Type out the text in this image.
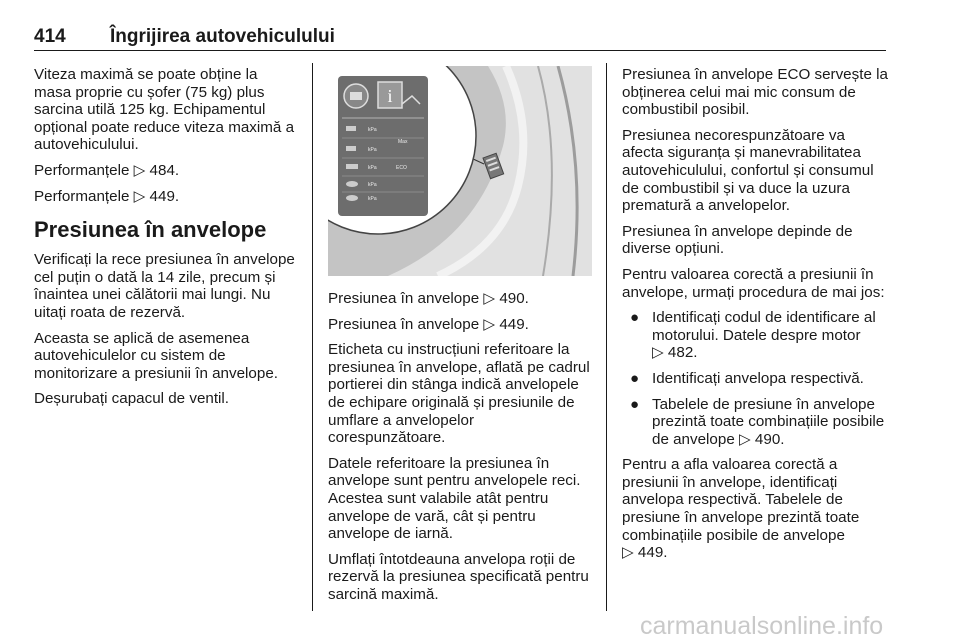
414 Îngrijirea autovehiculului

Viteza maximă se poate obține la masa proprie cu șofer (75 kg) plus sarcina utilă 125 kg. Echipamentul opțional poate reduce viteza maximă a autovehiculului.

Performanțele ▷ 484.

Performanțele ▷ 449.

Presiunea în anvelope

Verificați la rece presiunea în anvelope cel puțin o dată la 14 zile, precum și înaintea unei călătorii mai lungi. Nu uitați roata de rezervă.

Aceasta se aplică de asemenea autovehiculelor cu sistem de monitorizare a presiunii în anvelope.

Deșurubați capacul de ventil.

i
kPa
kPa
Max
kPa	ECO
kPa
kPa

Presiunea în anvelope ▷ 490.

Presiunea în anvelope ▷ 449.

Eticheta cu instrucțiuni referitoare la presiunea în anvelope, aflată pe cadrul portierei din stânga indică anvelopele de echipare originală și presiunile de umflare a anvelopelor corespunzătoare.

Datele referitoare la presiunea în anvelope sunt pentru anvelopele reci. Acestea sunt valabile atât pentru anvelope de vară, cât și pentru anvelope de iarnă.

Umflați întotdeauna anvelopa roții de rezervă la presiunea specificată pentru sarcină maximă.

Presiunea în anvelope ECO servește la obținerea celui mai mic consum de combustibil posibil.

Presiunea necorespunzătoare va afecta siguranța și manevrabilitatea autovehiculului, confortul și consumul de combustibil și va duce la uzura prematură a anvelopelor.

Presiunea în anvelope depinde de diverse opțiuni.

Pentru valoarea corectă a presiunii în anvelope, urmați procedura de mai jos:

● Identificați codul de identificare al motorului. Datele despre motor ▷ 482.
● Identificați anvelopa respectivă.
● Tabelele de presiune în anvelope prezintă toate combinațiile posibile de anvelope ▷ 490.

Pentru a afla valoarea corectă a presiunii în anvelope, identificați anvelopa respectivă. Tabelele de presiune în anvelope prezintă toate combinațiile posibile de anvelope ▷ 449.

carmanualsonline.info
